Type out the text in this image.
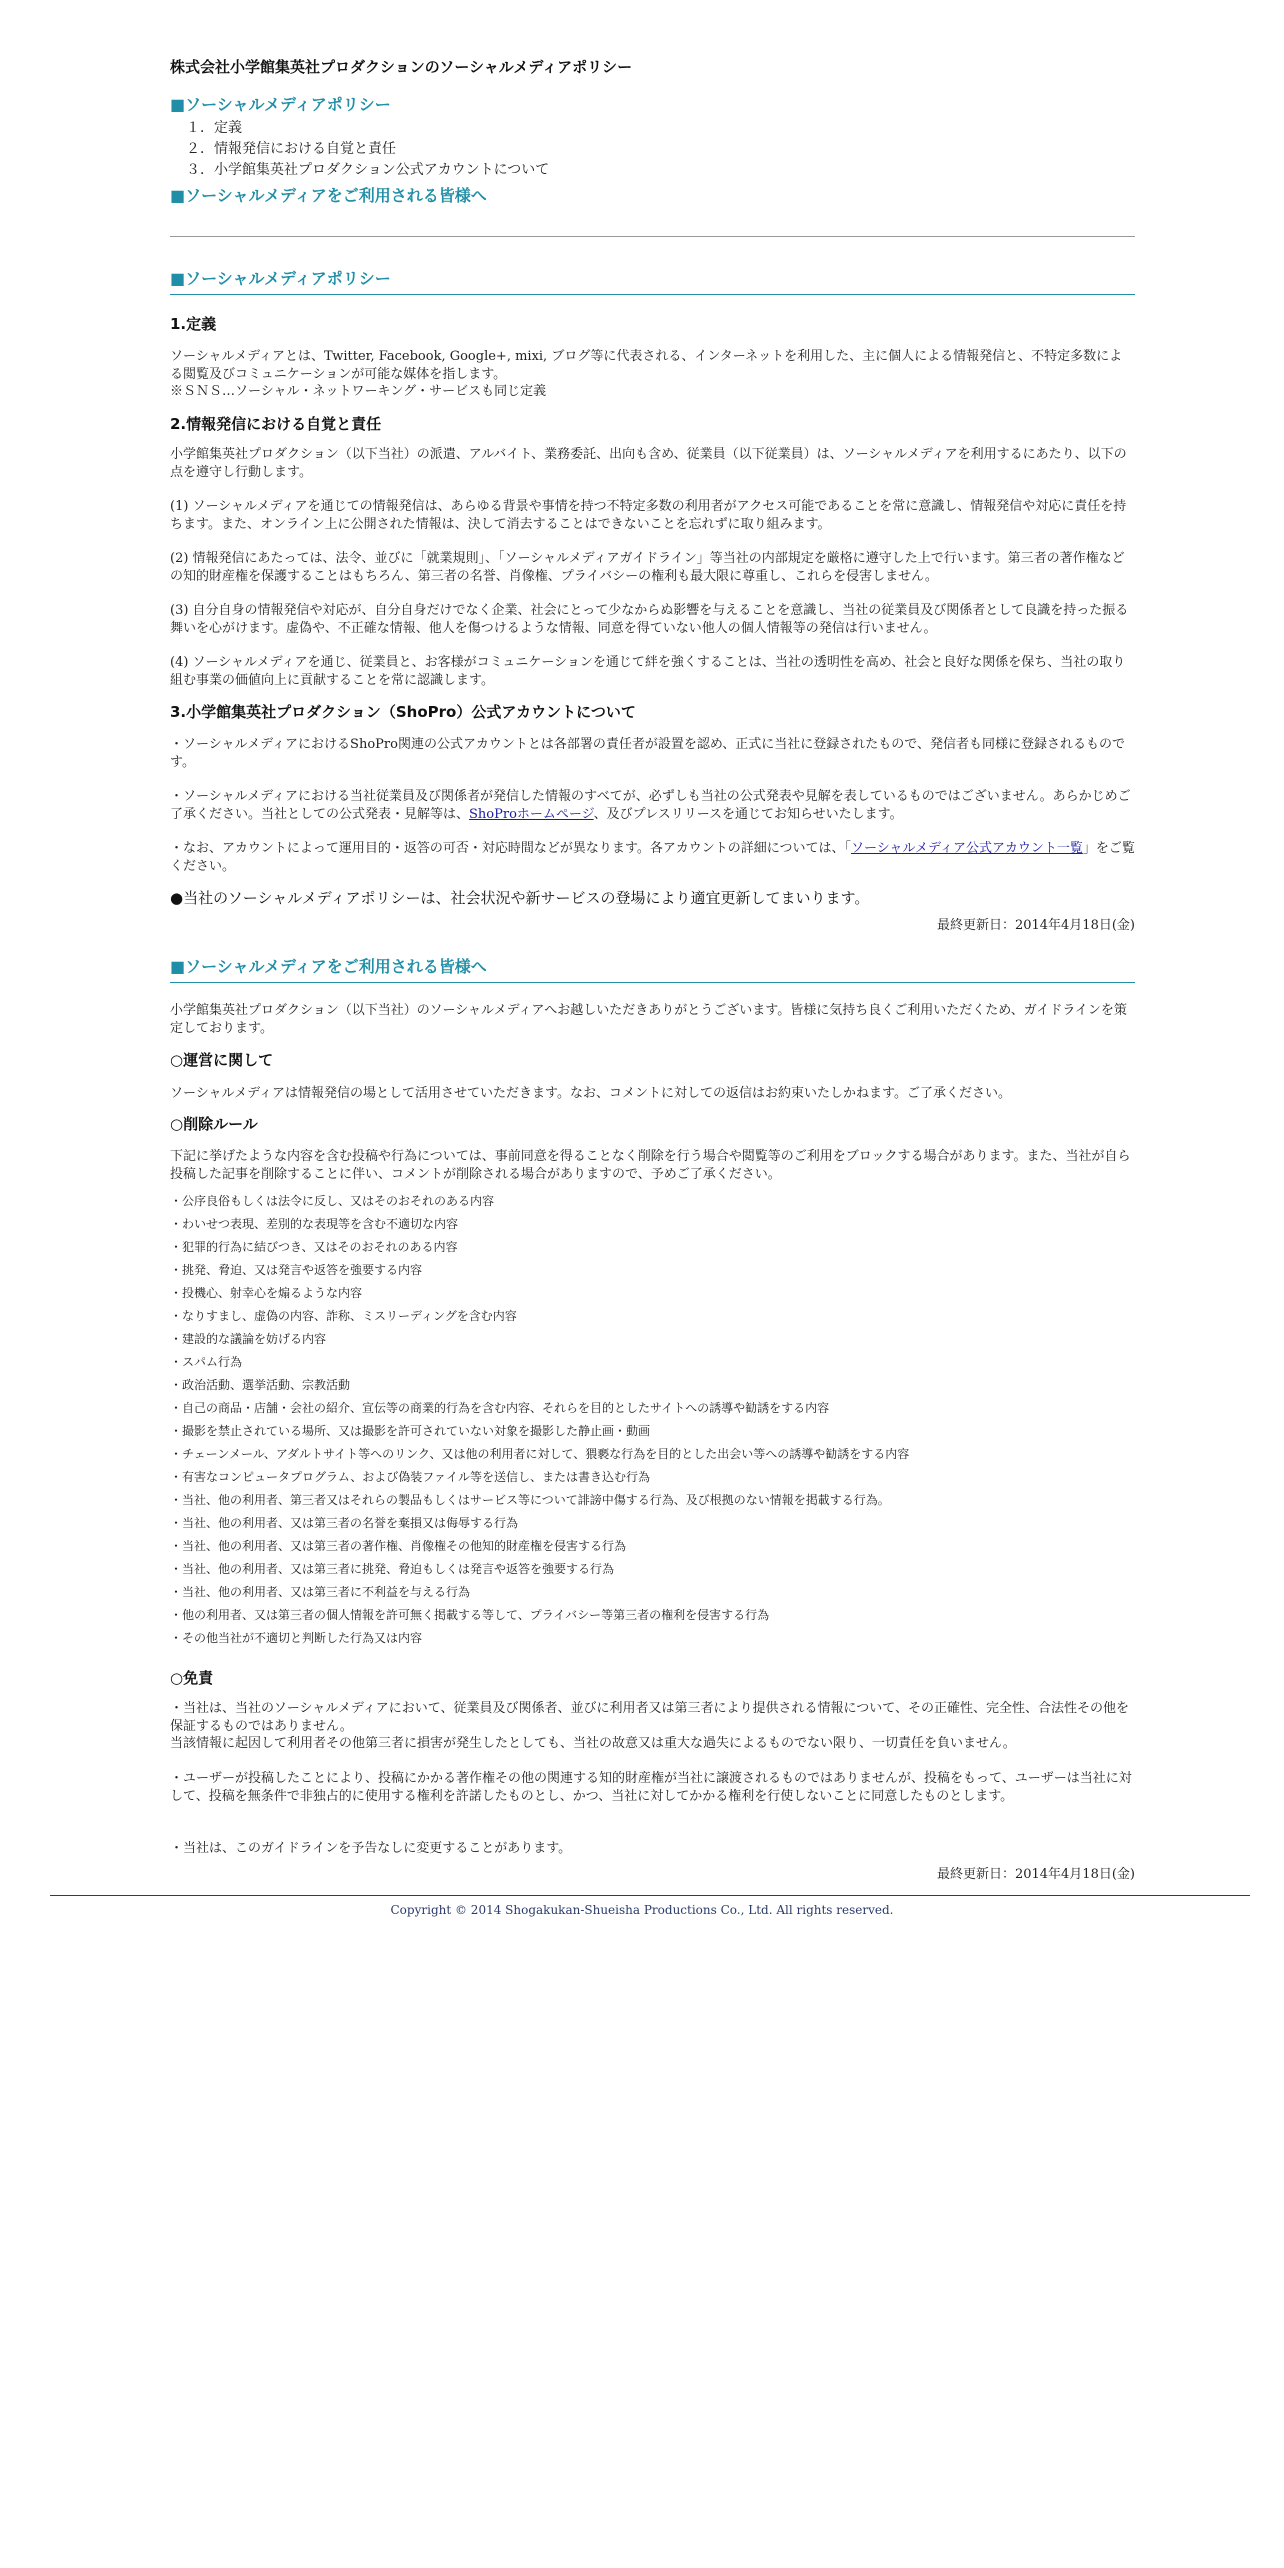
株式会社小学館集英社プロダクションのソーシャルメディアポリシー
■ソーシャルメディアポリシー
１．定義
２．情報発信における自覚と責任
３．小学館集英社プロダクション公式アカウントについて
■ソーシャルメディアをご利用される皆様へ
■ソーシャルメディアポリシー
1.定義

ソーシャルメディアとは、Twitter, Facebook, Google+, mixi, ブログ等に代表される、インターネットを利用した、主に個人による情報発信と、不特定多数による閲覧及びコミュニケーションが可能な媒体を指します。

※ＳＮＳ…ソーシャル・ネットワーキング・サービスも同じ定義

2.情報発信における自覚と責任

小学館集英社プロダクション（以下当社）の派遣、アルバイト、業務委託、出向も含め、従業員（以下従業員）は、ソーシャルメディアを利用するにあたり、以下の点を遵守し行動します。

(1) ソーシャルメディアを通じての情報発信は、あらゆる背景や事情を持つ不特定多数の利用者がアクセス可能であることを常に意識し、情報発信や対応に責任を持ちます。また、オンライン上に公開された情報は、決して消去することはできないことを忘れずに取り組みます。

(2) 情報発信にあたっては、法令、並びに「就業規則」、「ソーシャルメディアガイドライン」等当社の内部規定を厳格に遵守した上で行います。第三者の著作権などの知的財産権を保護することはもちろん、第三者の名誉、肖像権、プライバシーの権利も最大限に尊重し、これらを侵害しません。

(3) 自分自身の情報発信や対応が、自分自身だけでなく企業、社会にとって少なからぬ影響を与えることを意識し、当社の従業員及び関係者として良識を持った振る舞いを心がけます。虚偽や、不正確な情報、他人を傷つけるような情報、同意を得ていない他人の個人情報等の発信は行いません。

(4) ソーシャルメディアを通じ、従業員と、お客様がコミュニケーションを通じて絆を強くすることは、当社の透明性を高め、社会と良好な関係を保ち、当社の取り組む事業の価値向上に貢献することを常に認識します。

3.小学館集英社プロダクション（ShoPro）公式アカウントについて

・ソーシャルメディアにおけるShoPro関連の公式アカウントとは各部署の責任者が設置を認め、正式に当社に登録されたもので、発信者も同様に登録されるものです。

・ソーシャルメディアにおける当社従業員及び関係者が発信した情報のすべてが、必ずしも当社の公式発表や見解を表しているものではございません。あらかじめご了承ください。当社としての公式発表・見解等は、ShoProホームページ、及びプレスリリースを通じてお知らせいたします。

・なお、アカウントによって運用目的・返答の可否・対応時間などが異なります。各アカウントの詳細については、「ソーシャルメディア公式アカウント一覧」をご覧ください。

●当社のソーシャルメディアポリシーは、社会状況や新サービスの登場により適宜更新してまいります。

最終更新日：2014年4月18日(金)

■ソーシャルメディアをご利用される皆様へ

小学館集英社プロダクション（以下当社）のソーシャルメディアへお越しいただきありがとうございます。皆様に気持ち良くご利用いただくため、ガイドラインを策定しております。

○運営に関して

ソーシャルメディアは情報発信の場として活用させていただきます。なお、コメントに対しての返信はお約束いたしかねます。ご了承ください。

○削除ルール

下記に挙げたような内容を含む投稿や行為については、事前同意を得ることなく削除を行う場合や閲覧等のご利用をブロックする場合があります。また、当社が自ら投稿した記事を削除することに伴い、コメントが削除される場合がありますので、予めご了承ください。

・公序良俗もしくは法令に反し、又はそのおそれのある内容
・わいせつ表現、差別的な表現等を含む不適切な内容
・犯罪的行為に結びつき、又はそのおそれのある内容
・挑発、脅迫、又は発言や返答を強要する内容
・投機心、射幸心を煽るような内容
・なりすまし、虚偽の内容、詐称、ミスリーディングを含む内容
・建設的な議論を妨げる内容
・スパム行為
・政治活動、選挙活動、宗教活動
・自己の商品・店舗・会社の紹介、宣伝等の商業的行為を含む内容、それらを目的としたサイトへの誘導や勧誘をする内容
・撮影を禁止されている場所、又は撮影を許可されていない対象を撮影した静止画・動画
・チェーンメール、アダルトサイト等へのリンク、又は他の利用者に対して、猥褻な行為を目的とした出会い等への誘導や勧誘をする内容
・有害なコンピュータプログラム、および偽装ファイル等を送信し、または書き込む行為
・当社、他の利用者、第三者又はそれらの製品もしくはサービス等について誹謗中傷する行為、及び根拠のない情報を掲載する行為。
・当社、他の利用者、又は第三者の名誉を棄損又は侮辱する行為
・当社、他の利用者、又は第三者の著作権、肖像権その他知的財産権を侵害する行為
・当社、他の利用者、又は第三者に挑発、脅迫もしくは発言や返答を強要する行為
・当社、他の利用者、又は第三者に不利益を与える行為
・他の利用者、又は第三者の個人情報を許可無く掲載する等して、プライバシー等第三者の権利を侵害する行為
・その他当社が不適切と判断した行為又は内容
○免責

・当社は、当社のソーシャルメディアにおいて、従業員及び関係者、並びに利用者又は第三者により提供される情報について、その正確性、完全性、合法性その他を保証するものではありません。

当該情報に起因して利用者その他第三者に損害が発生したとしても、当社の故意又は重大な過失によるものでない限り、一切責任を負いません。

・ユーザーが投稿したことにより、投稿にかかる著作権その他の関連する知的財産権が当社に譲渡されるものではありませんが、投稿をもって、ユーザーは当社に対して、投稿を無条件で非独占的に使用する権利を許諾したものとし、かつ、当社に対してかかる権利を行使しないことに同意したものとします。

・当社は、このガイドラインを予告なしに変更することがあります。

最終更新日：2014年4月18日(金)

Copyright © 2014 Shogakukan-Shueisha Productions Co., Ltd. All rights reserved.
